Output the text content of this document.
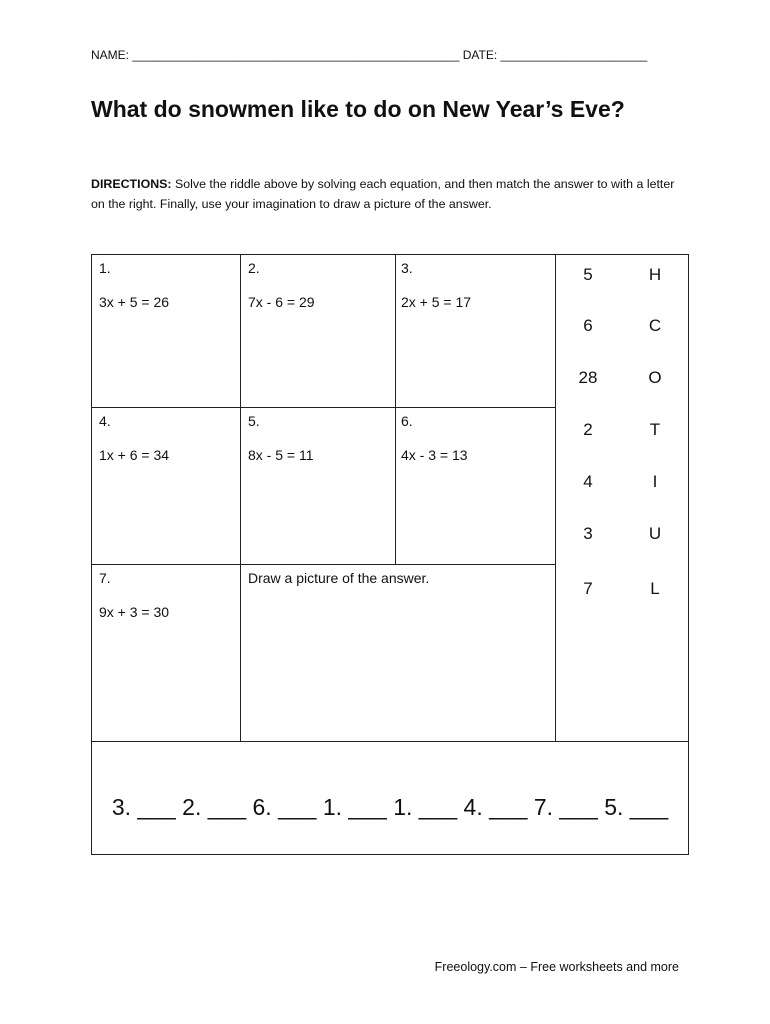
NAME: _________________________________________________ DATE: ______________________
What do snowmen like to do on New Year’s Eve?
DIRECTIONS: Solve the riddle above by solving each equation, and then match the answer to with a letter on the right. Finally, use your imagination to draw a picture of the answer.
1.
3x + 5 = 26
2.
7x - 6 = 29
3.
2x + 5 = 17
4.
1x + 6 = 34
5.
8x - 5 = 11
6.
4x - 3 = 13
7.
9x + 3 = 30
Draw a picture of the answer.
5	H
6	C
28	O
2	T
4	I
3	U
7	L
3. ___ 2. ___ 6. ___ 1. ___ 1. ___ 4. ___ 7. ___ 5. ___
Freeology.com – Free worksheets and more
